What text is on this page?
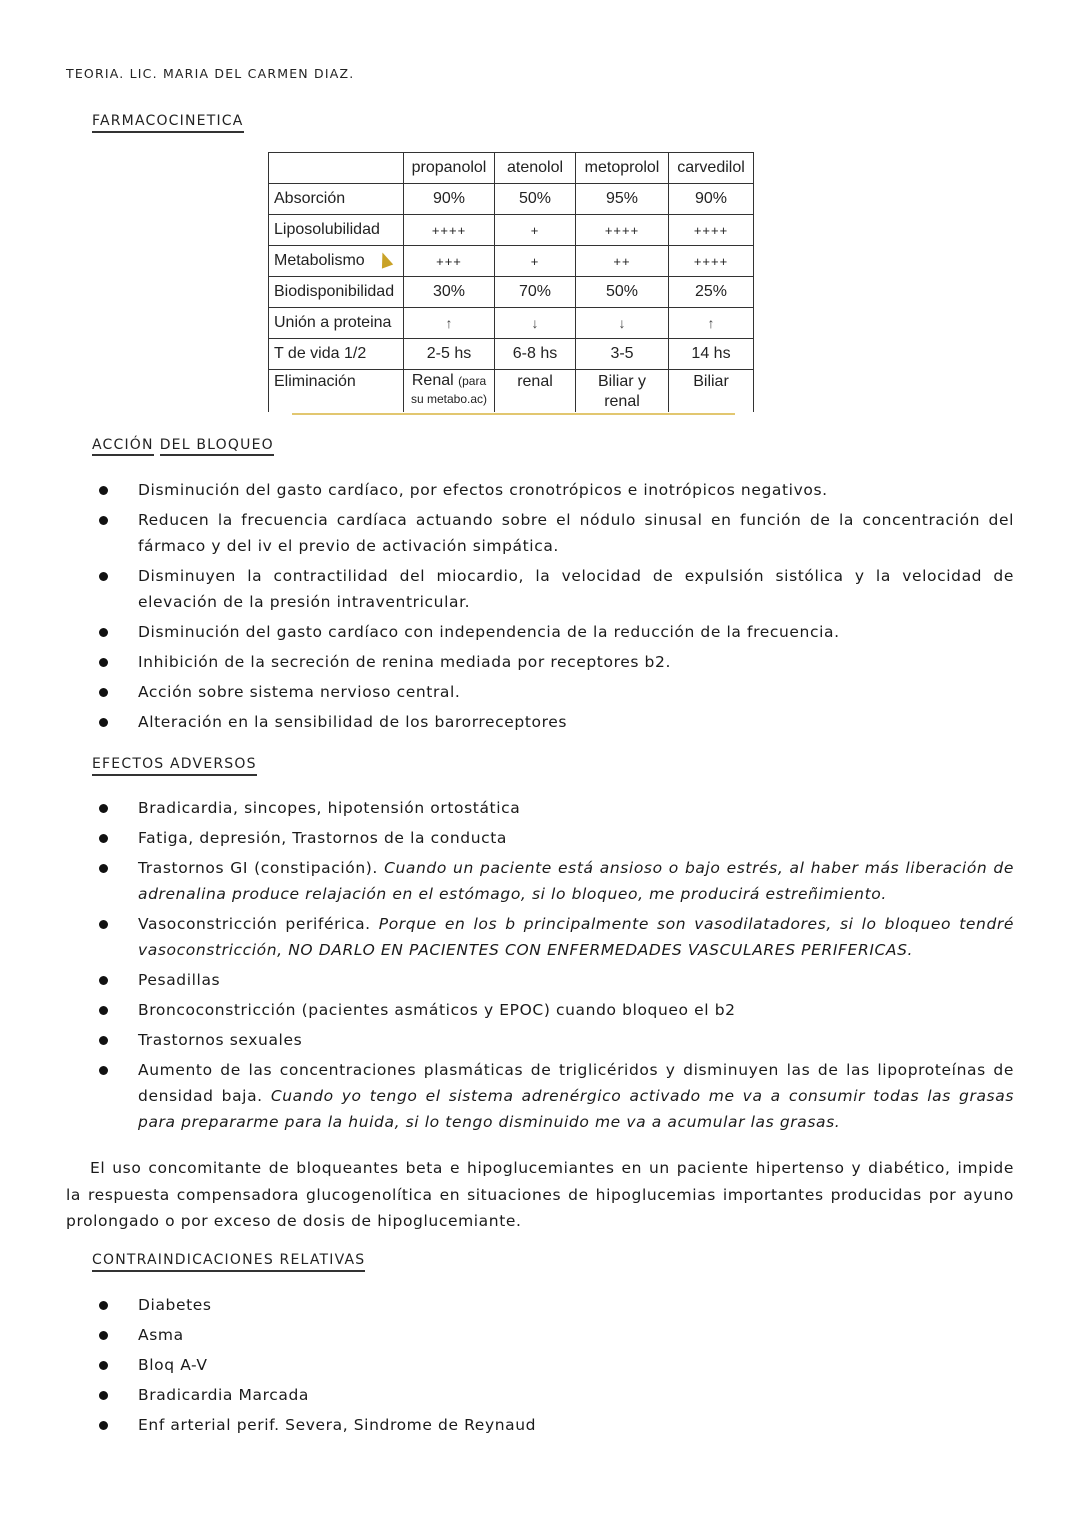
TEORIA. LIC. MARIA DEL CARMEN DIAZ.
FARMACOCINETICA
	propanolol	atenolol	metoprolol	carvedilol
Absorción	90%	50%	95%	90%
Liposolubilidad	++++	+	++++	++++
Metabolismo	+++	+	++	++++
Biodisponibilidad	30%	70%	50%	25%
Unión a proteina	↑	↓	↓	↑
T de vida 1/2	2-5 hs	6-8 hs	3-5	14 hs
Eliminación	Renal (para su metabo.ac)	renal	Biliar y renal	Biliar
ACCIÓN DEL BLOQUEO
Disminución del gasto cardíaco, por efectos cronotrópicos e inotrópicos negativos.
Reducen la frecuencia cardíaca actuando sobre el nódulo sinusal en función de la concentración del fármaco y del iv el previo de activación simpática.
Disminuyen la contractilidad del miocardio, la velocidad de expulsión sistólica y la velocidad de elevación de la presión intraventricular.
Disminución del gasto cardíaco con independencia de la reducción de la frecuencia.
Inhibición de la secreción de renina mediada por receptores b2.
Acción sobre sistema nervioso central.
Alteración en la sensibilidad de los barorreceptores
EFECTOS ADVERSOS
Bradicardia, sincopes, hipotensión ortostática
Fatiga, depresión, Trastornos de la conducta
Trastornos GI (constipación). Cuando un paciente está ansioso o bajo estrés, al haber más liberación de adrenalina produce relajación en el estómago, si lo bloqueo, me producirá estreñimiento.
Vasoconstricción periférica. Porque en los b principalmente son vasodilatadores, si lo bloqueo tendré vasoconstricción, NO DARLO EN PACIENTES CON ENFERMEDADES VASCULARES PERIFERICAS.
Pesadillas
Broncoconstricción (pacientes asmáticos y EPOC) cuando bloqueo el b2
Trastornos sexuales
Aumento de las concentraciones plasmáticas de triglicéridos y disminuyen las de las lipoproteínas de densidad baja. Cuando yo tengo el sistema adrenérgico activado me va a consumir todas las grasas para prepararme para la huida, si lo tengo disminuido me va a acumular las grasas.
El uso concomitante de bloqueantes beta e hipoglucemiantes en un paciente hipertenso y diabético, impide la respuesta compensadora glucogenolítica en situaciones de hipoglucemias importantes producidas por ayuno prolongado o por exceso de dosis de hipoglucemiante.
CONTRAINDICACIONES RELATIVAS
Diabetes
Asma
Bloq A-V
Bradicardia Marcada
Enf arterial perif. Severa, Sindrome de Reynaud
